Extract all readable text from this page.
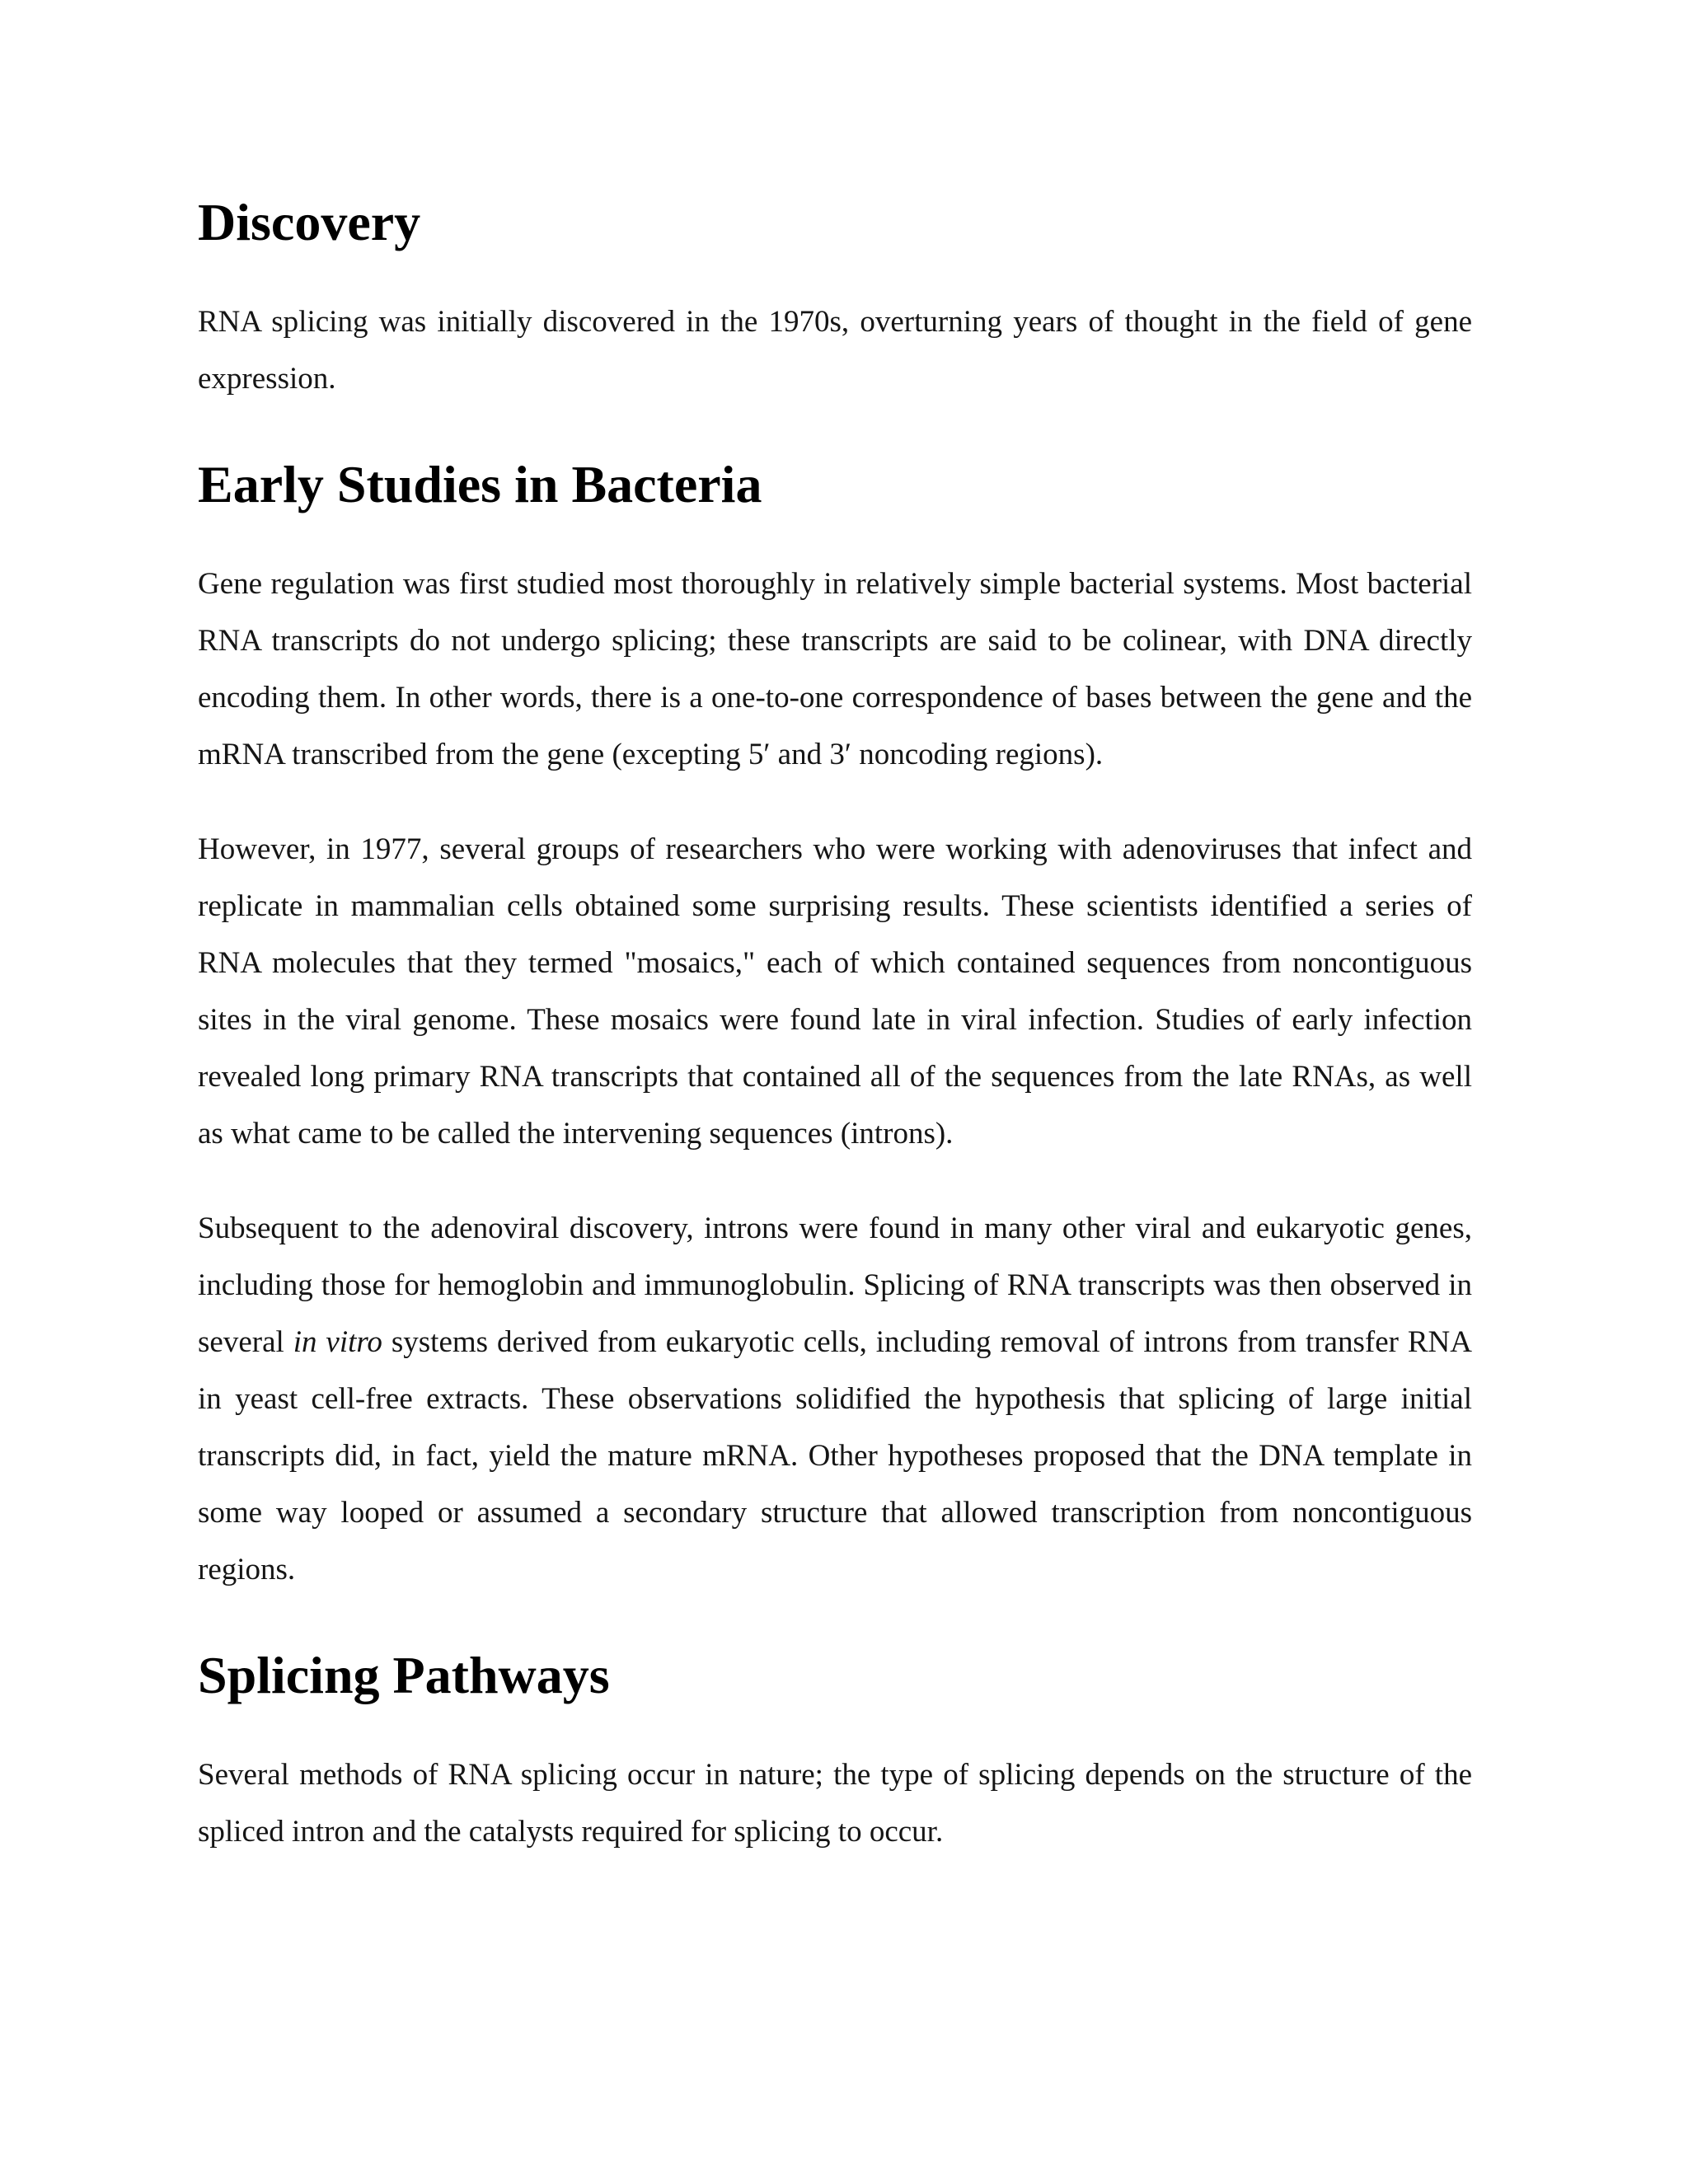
Discovery

RNA splicing was initially discovered in the 1970s, overturning years of thought in the field of gene expression.

Early Studies in Bacteria

Gene regulation was first studied most thoroughly in relatively simple bacterial systems. Most bacterial RNA transcripts do not undergo splicing; these transcripts are said to be colinear, with DNA directly encoding them. In other words, there is a one-to-one correspondence of bases between the gene and the mRNA transcribed from the gene (excepting 5′ and 3′ noncoding regions).

However, in 1977, several groups of researchers who were working with adenoviruses that infect and replicate in mammalian cells obtained some surprising results. These scientists identified a series of RNA molecules that they termed "mosaics," each of which contained sequences from noncontiguous sites in the viral genome. These mosaics were found late in viral infection. Studies of early infection revealed long primary RNA transcripts that contained all of the sequences from the late RNAs, as well as what came to be called the intervening sequences (introns).

Subsequent to the adenoviral discovery, introns were found in many other viral and eukaryotic genes, including those for hemoglobin and immunoglobulin. Splicing of RNA transcripts was then observed in several in vitro systems derived from eukaryotic cells, including removal of introns from transfer RNA in yeast cell-free extracts. These observations solidified the hypothesis that splicing of large initial transcripts did, in fact, yield the mature mRNA. Other hypotheses proposed that the DNA template in some way looped or assumed a secondary structure that allowed transcription from noncontiguous regions.

Splicing Pathways

Several methods of RNA splicing occur in nature; the type of splicing depends on the structure of the spliced intron and the catalysts required for splicing to occur.
